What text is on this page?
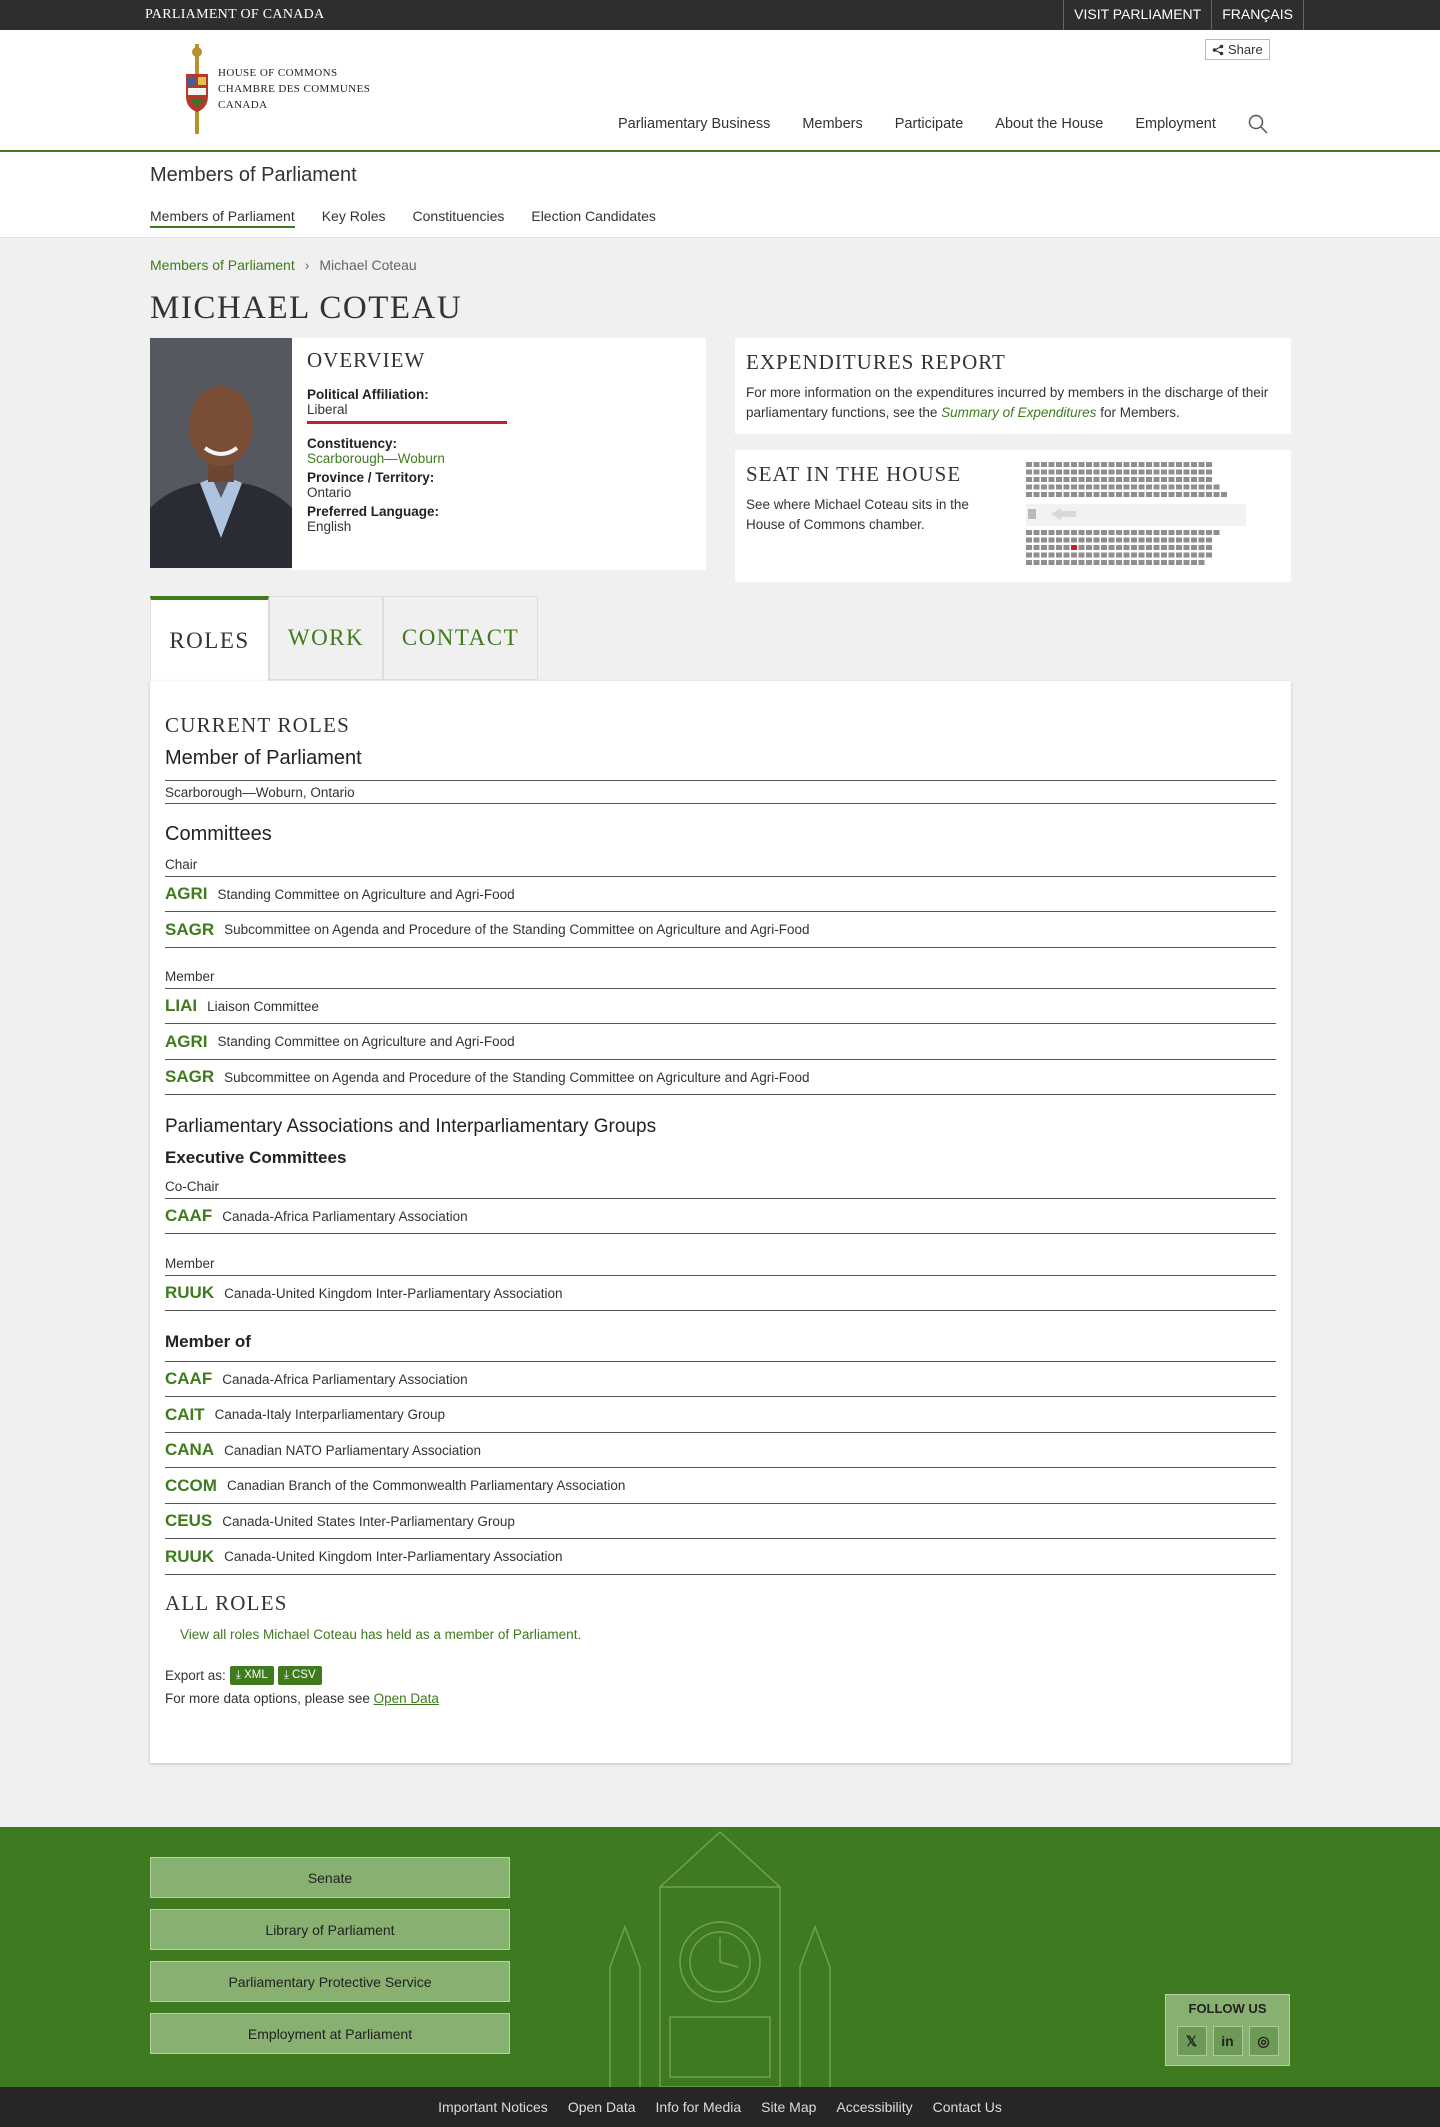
PARLIAMENT OF CANADA	VISIT PARLIAMENT	FRANÇAIS
HOUSE OF COMMONS
CHAMBRE DES COMMUNES
CANADA
Share
Parliamentary Business Members Participate About the House Employment
Members of Parliament
Members of Parliament Key Roles Constituencies Election Candidates
Members of Parliament › Michael Coteau
MICHAEL COTEAU
OVERVIEW
Political Affiliation:
Liberal
Constituency:
Scarborough—Woburn
Province / Territory:
Ontario
Preferred Language:
English
EXPENDITURES REPORT

For more information on the expenditures incurred by members in the discharge of their parliamentary functions, see the Summary of Expenditures for Members.

SEAT IN THE HOUSE

See where Michael Coteau sits in the House of Commons chamber.

ROLES	WORK	CONTACT
CURRENT ROLES
Member of Parliament
Scarborough—Woburn, Ontario
Committees
Chair
AGRI Standing Committee on Agriculture and Agri-Food
SAGR Subcommittee on Agenda and Procedure of the Standing Committee on Agriculture and Agri-Food
Member
LIAI Liaison Committee
AGRI Standing Committee on Agriculture and Agri-Food
SAGR Subcommittee on Agenda and Procedure of the Standing Committee on Agriculture and Agri-Food
Parliamentary Associations and Interparliamentary Groups
Executive Committees
Co-Chair
CAAF Canada-Africa Parliamentary Association
Member
RUUK Canada-United Kingdom Inter-Parliamentary Association
Member of
CAAF Canada-Africa Parliamentary Association
CAIT Canada-Italy Interparliamentary Group
CANA Canadian NATO Parliamentary Association
CCOM Canadian Branch of the Commonwealth Parliamentary Association
CEUS Canada-United States Inter-Parliamentary Group
RUUK Canada-United Kingdom Inter-Parliamentary Association
ALL ROLES
View all roles Michael Coteau has held as a member of Parliament.
Export as: ⤓ XML	⤓ CSV
For more data options, please see Open Data
Senate
Library of Parliament
Parliamentary Protective Service
Employment at Parliament
FOLLOW US
𝕏	in	◎
Important Notices Open Data Info for Media Site Map Accessibility Contact Us
